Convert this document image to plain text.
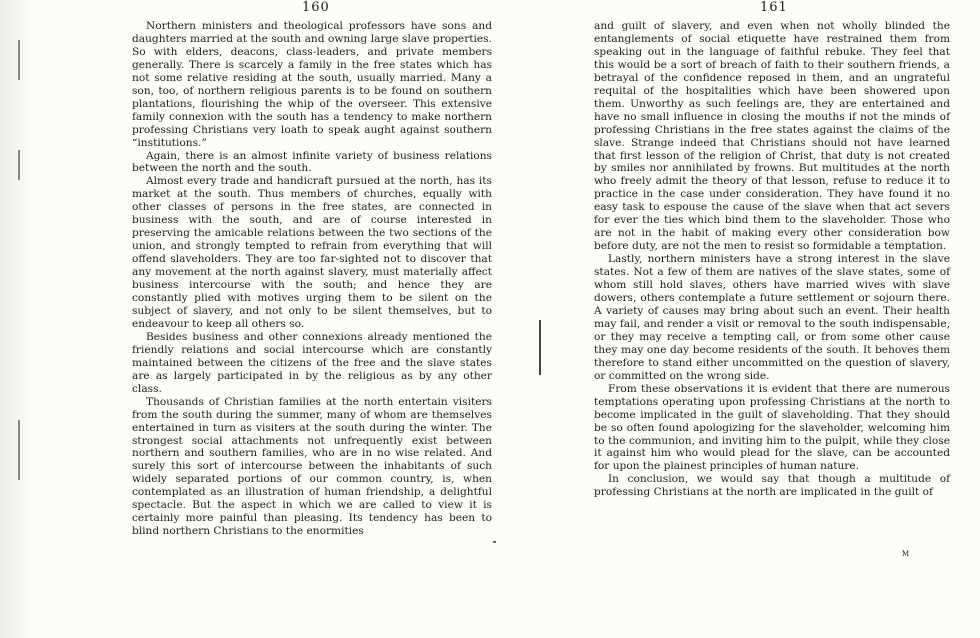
160	161

Northern ministers and theological professors have sons and daughters married at the south and owning large slave properties. So with elders, deacons, class-leaders, and private members generally. There is scarcely a family in the free states which has not some relative residing at the south, usually married. Many a son, too, of northern religious parents is to be found on southern plantations, flourishing the whip of the overseer. This extensive family connexion with the south has a tendency to make northern professing Christians very loath to speak aught against southern “institutions.”

Again, there is an almost infinite variety of business relations between the north and the south.

Almost every trade and handicraft pursued at the north, has its market at the south. Thus members of churches, equally with other classes of persons in the free states, are connected in business with the south, and are of course interested in preserving the amicable relations between the two sections of the union, and strongly tempted to refrain from everything that will offend slaveholders. They are too far-sighted not to discover that any movement at the north against slavery, must materially affect business intercourse with the south; and hence they are constantly plied with motives urging them to be silent on the subject of slavery, and not only to be silent themselves, but to endeavour to keep all others so.

Besides business and other connexions already mentioned the friendly relations and social intercourse which are constantly maintained between the citizens of the free and the slave states are as largely participated in by the religious as by any other class.

Thousands of Christian families at the north entertain visiters from the south during the summer, many of whom are themselves entertained in turn as visiters at the south during the winter. The strongest social attachments not unfrequently exist between northern and southern families, who are in no wise related. And surely this sort of intercourse between the inhabitants of such widely separated portions of our common country, is, when contemplated as an illustration of human friendship, a delightful spectacle. But the aspect in which we are called to view it is certainly more painful than pleasing. Its tendency has been to blind northern Christians to the enormities

and guilt of slavery, and even when not wholly blinded the entanglements of social etiquette have restrained them from speaking out in the language of faithful rebuke. They feel that this would be a sort of breach of faith to their southern friends, a betrayal of the confidence reposed in them, and an ungrateful requital of the hospitalities which have been showered upon them. Unworthy as such feelings are, they are entertained and have no small influence in closing the mouths if not the minds of professing Christians in the free states against the claims of the slave. Strange indeed that Christians should not have learned that first lesson of the religion of Christ, that duty is not created by smiles nor annihilated by frowns. But multitudes at the north who freely admit the theory of that lesson, refuse to reduce it to practice in the case under consideration. They have found it no easy task to espouse the cause of the slave when that act severs for ever the ties which bind them to the slaveholder. Those who are not in the habit of making every other consideration bow before duty, are not the men to resist so formidable a temptation.

Lastly, northern ministers have a strong interest in the slave states. Not a few of them are natives of the slave states, some of whom still hold slaves, others have married wives with slave dowers, others contemplate a future settlement or sojourn there. A variety of causes may bring about such an event. Their health may fail, and render a visit or removal to the south indispensable, or they may receive a tempting call, or from some other cause they may one day become residents of the south. It behoves them therefore to stand either uncommitted on the question of slavery, or committed on the wrong side.

From these observations it is evident that there are numerous temptations operating upon professing Christians at the north to become implicated in the guilt of slaveholding. That they should be so often found apologizing for the slaveholder, welcoming him to the communion, and inviting him to the pulpit, while they close it against him who would plead for the slave, can be accounted for upon the plainest principles of human nature.

In conclusion, we would say that though a multitude of professing Christians at the north are implicated in the guilt of

M
